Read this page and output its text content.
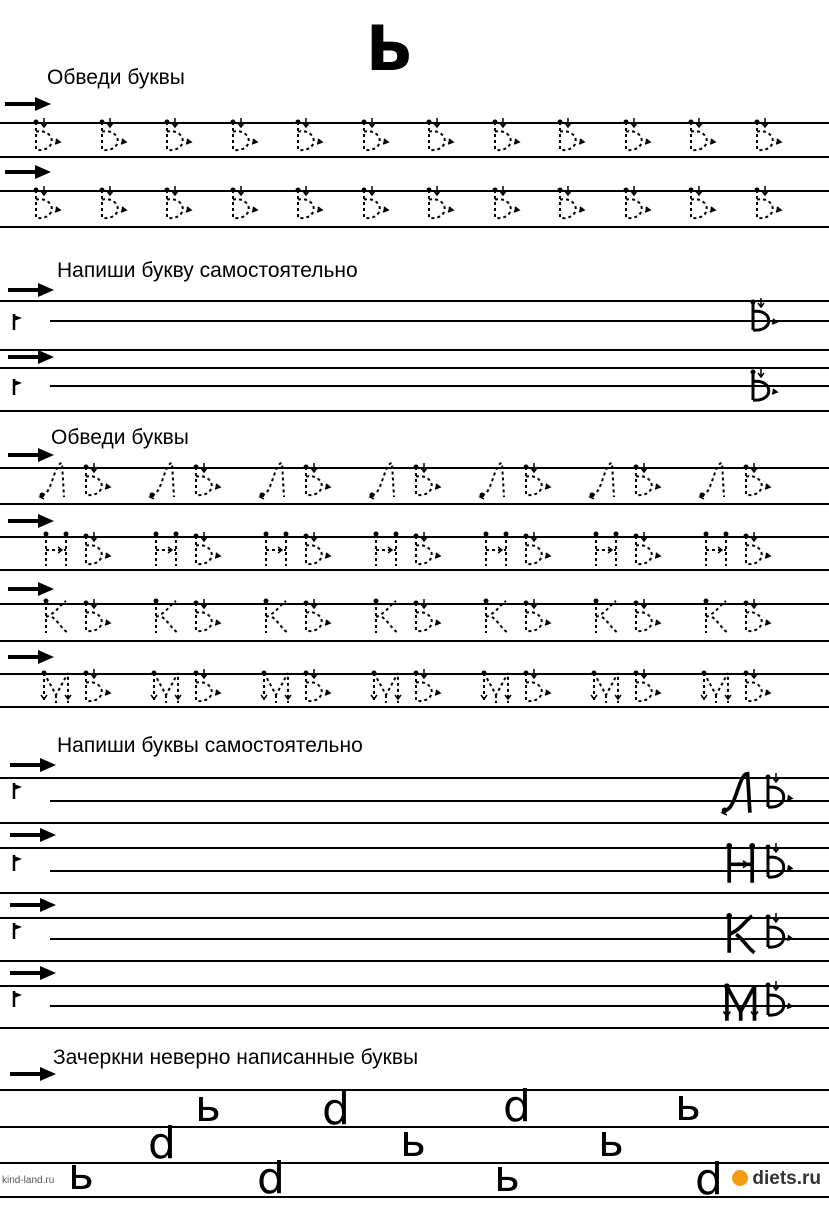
Ь
Обведи буквы
Напиши букву самостоятельно
Обведи буквы
Напиши буквы самостоятельно
Зачеркни неверно написанные буквы
ь d	d	ь
d	ь	ь
ь	d	ь	d
kind-land.ru	diets.ru
